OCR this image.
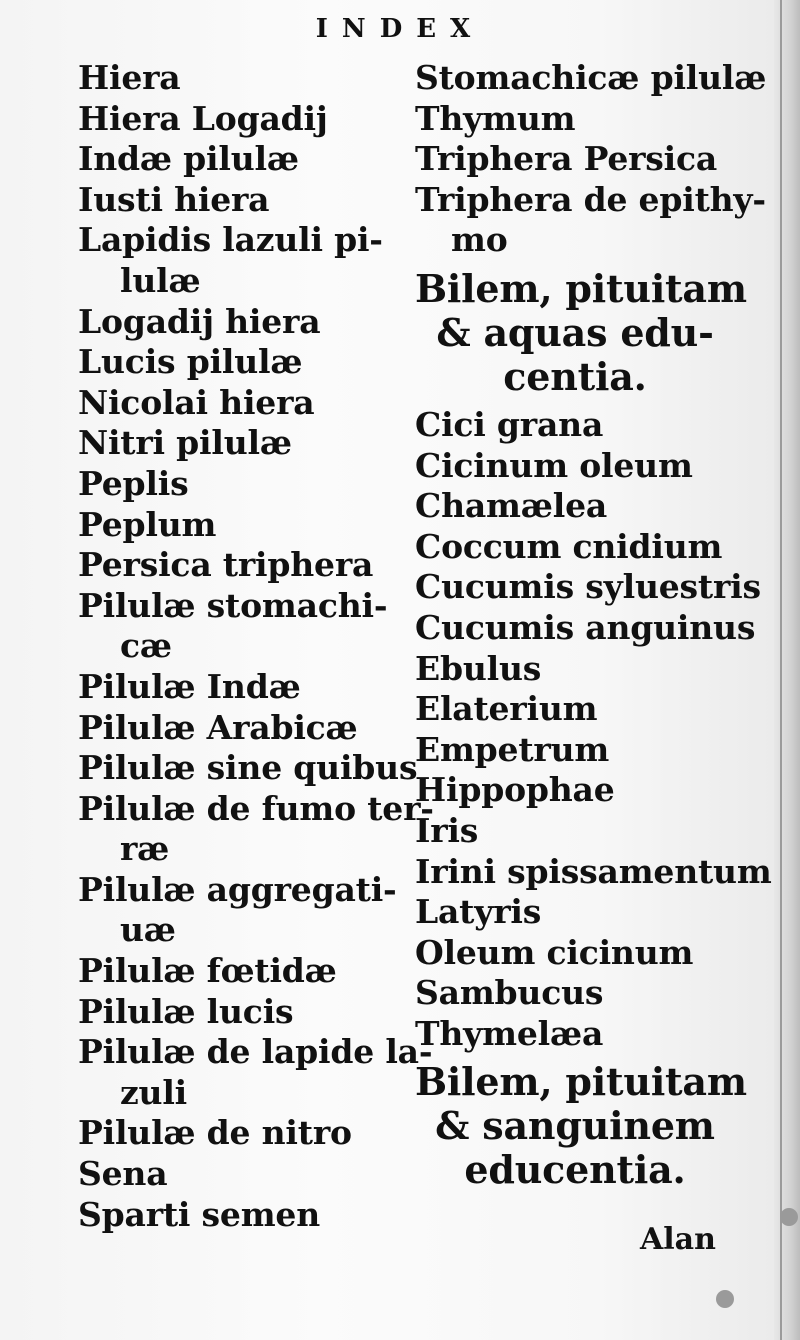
INDEX
Hiera
Hiera Logadij
Indæ pilulæ
Iusti hiera
Lapidis lazuli pi-
lulæ
Logadij hiera
Lucis pilulæ
Nicolai hiera
Nitri pilulæ
Peplis
Peplum
Persica triphera
Pilulæ stomachi-
cæ
Pilulæ Indæ
Pilulæ Arabicæ
Pilulæ sine quibus
Pilulæ de fumo ter-
ræ
Pilulæ aggregati-
uæ
Pilulæ fœtidæ
Pilulæ lucis
Pilulæ de lapide la-
zuli
Pilulæ de nitro
Sena
Sparti semen
Stomachicæ pilulæ
Thymum
Triphera Persica
Triphera de epithy-
mo
Bilem, pituitam
& aquas edu-
centia.
Cici grana
Cicinum oleum
Chamælea
Coccum cnidium
Cucumis syluestris
Cucumis anguinus
Ebulus
Elaterium
Empetrum
Hippophae
Iris
Irini spissamentum
Latyris
Oleum cicinum
Sambucus
Thymelæa
Bilem, pituitam
& sanguinem
educentia.
Alan
